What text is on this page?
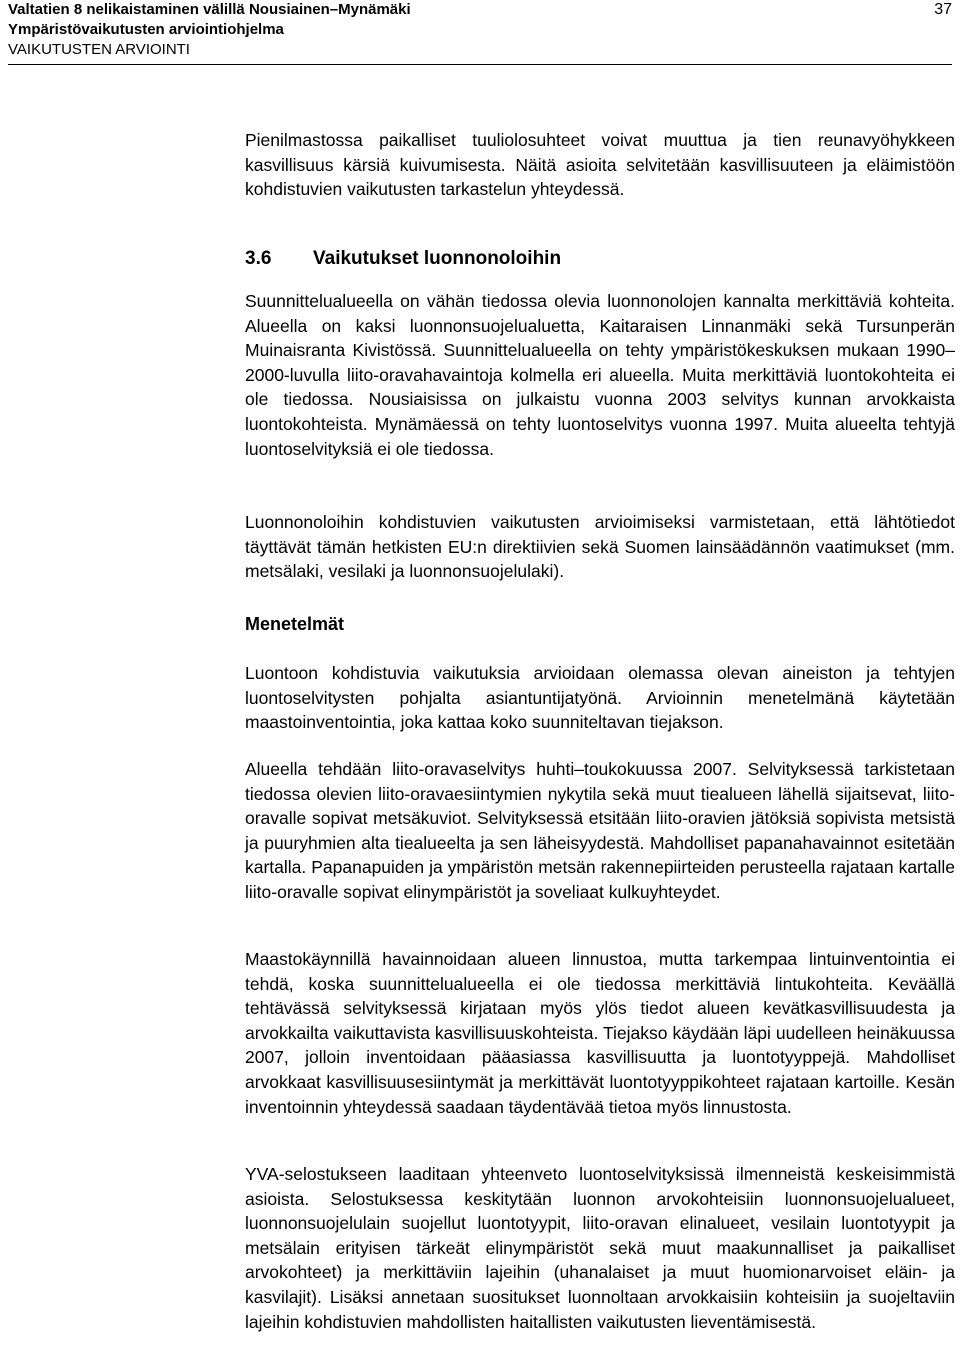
Valtatien 8 nelikaistaminen välillä Nousiainen–Mynämäki
Ympäristövaikutusten arviointiohjelma
VAIKUTUSTEN ARVIOINTI
37

Pienilmastossa paikalliset tuuliolosuhteet voivat muuttua ja tien reunavyöhykkeen kasvillisuus kärsiä kuivumisesta. Näitä asioita selvitetään kasvillisuuteen ja eläimistöön kohdistuvien vaikutusten tarkastelun yhteydessä.

3.6 Vaikutukset luonnonoloihin

Suunnittelualueella on vähän tiedossa olevia luonnonolojen kannalta merkittäviä kohteita. Alueella on kaksi luonnonsuojelualuetta, Kaitaraisen Linnanmäki sekä Tursunperän Muinaisranta Kivistössä. Suunnittelualueella on tehty ympäristökeskuksen mukaan 1990–2000-luvulla liito-oravahavaintoja kolmella eri alueella. Muita merkittäviä luontokohteita ei ole tiedossa. Nousiaisissa on julkaistu vuonna 2003 selvitys kunnan arvokkaista luontokohteista. Mynämäessä on tehty luontoselvitys vuonna 1997. Muita alueelta tehtyjä luontoselvityksiä ei ole tiedossa.

Luonnonoloihin kohdistuvien vaikutusten arvioimiseksi varmistetaan, että lähtötiedot täyttävät tämän hetkisten EU:n direktiivien sekä Suomen lainsäädännön vaatimukset (mm. metsälaki, vesilaki ja luonnonsuojelulaki).

Menetelmät

Luontoon kohdistuvia vaikutuksia arvioidaan olemassa olevan aineiston ja tehtyjen luontoselvitysten pohjalta asiantuntijatyönä. Arvioinnin menetelmänä käytetään maastoinventointia, joka kattaa koko suunniteltavan tiejakson.

Alueella tehdään liito-oravaselvitys huhti–toukokuussa 2007. Selvityksessä tarkistetaan tiedossa olevien liito-oravaesiintymien nykytila sekä muut tiealueen lähellä sijaitsevat, liito-oravalle sopivat metsäkuviot. Selvityksessä etsitään liito-oravien jätöksiä sopivista metsistä ja puuryhmien alta tiealueelta ja sen läheisyydestä. Mahdolliset papanahavainnot esitetään kartalla. Papanapuiden ja ympäristön metsän rakennepiirteiden perusteella rajataan kartalle liito-oravalle sopivat elinympäristöt ja soveliaat kulkuyhteydet.

Maastokäynnillä havainnoidaan alueen linnustoa, mutta tarkempaa lintuinventointia ei tehdä, koska suunnittelualueella ei ole tiedossa merkittäviä lintukohteita. Keväällä tehtävässä selvityksessä kirjataan myös ylös tiedot alueen kevätkasvillisuudesta ja arvokkailta vaikuttavista kasvillisuuskohteista. Tiejakso käydään läpi uudelleen heinäkuussa 2007, jolloin inventoidaan pääasiassa kasvillisuutta ja luontotyyppejä. Mahdolliset arvokkaat kasvillisuusesiintymät ja merkittävät luontotyyppikohteet rajataan kartoille. Kesän inventoinnin yhteydessä saadaan täydentävää tietoa myös linnustosta.

YVA-selostukseen laaditaan yhteenveto luontoselvityksissä ilmenneistä keskeisimmistä asioista. Selostuksessa keskitytään luonnon arvokohteisiin luonnonsuojelualueet, luonnonsuojelulain suojellut luontotyypit, liito-oravan elinalueet, vesilain luontotyypit ja metsälain erityisen tärkeät elinympäristöt sekä muut maakunnalliset ja paikalliset arvokohteet) ja merkittäviin lajeihin (uhanalaiset ja muut huomionarvoiset eläin- ja kasvilajit). Lisäksi annetaan suositukset luonnoltaan arvokkaisiin kohteisiin ja suojeltaviin lajeihin kohdistuvien mahdollisten haitallisten vaikutusten lieventämisestä.
